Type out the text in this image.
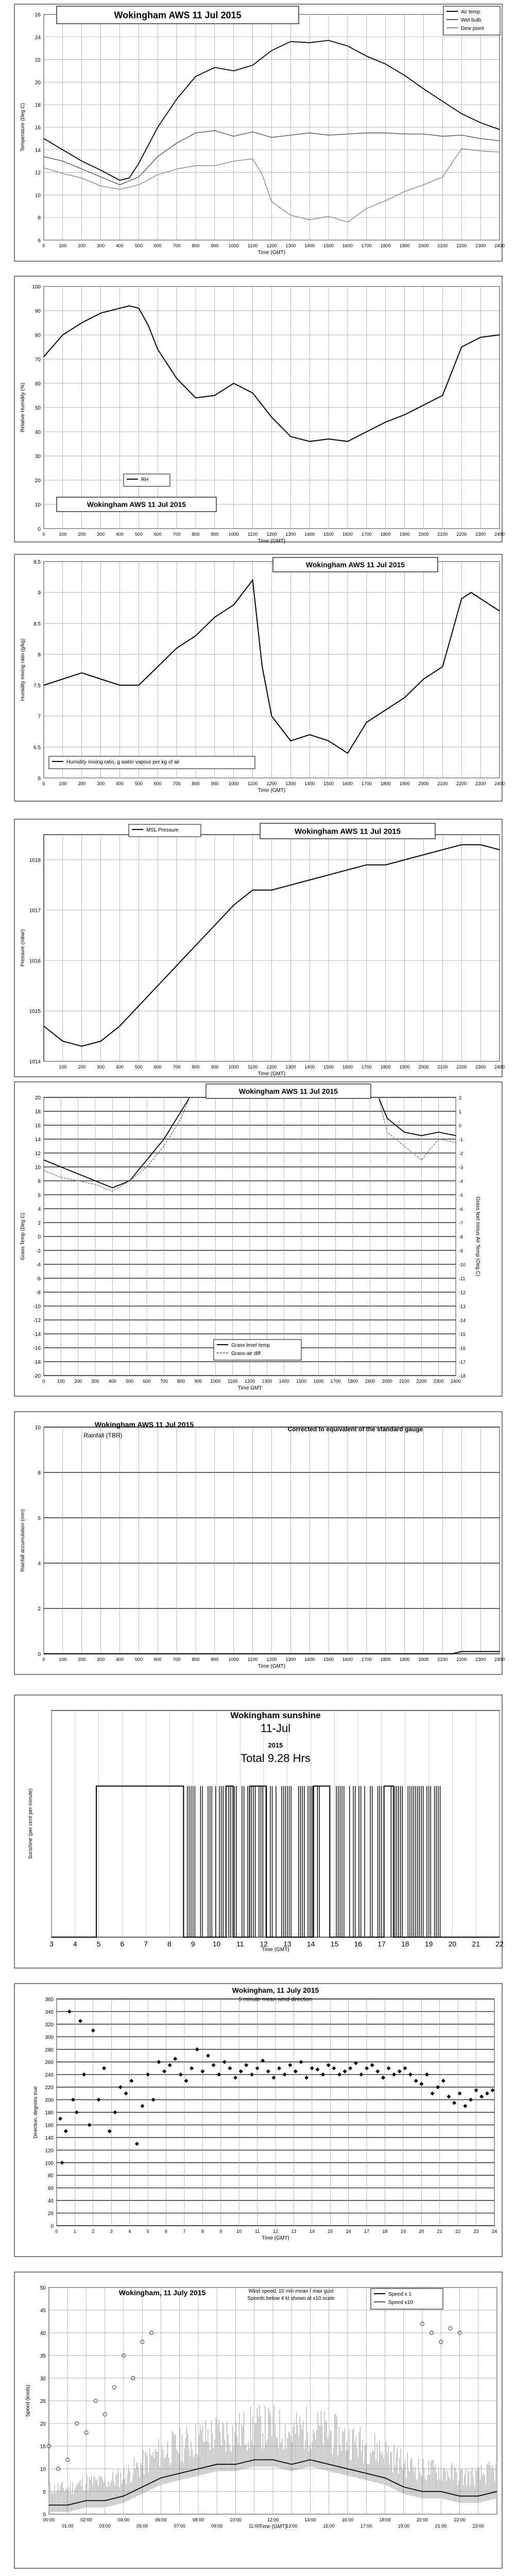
6
8
10
12
14
16
18
20
22
24
26
0	100 200 300 400 500 600 700 800 900 1000 1100 1200 1300 1400 1500 1600 1700 1800 1900 2000 2100 2200 2300 2400
Time (GMT)
Temperature (Deg C)
Wokingham AWS 11 Jul 2015	Air temp
Wet bulb
Dew point
0
10
20
30
40
50
60
70
80
90
100
0	100 200 300 400 500 600 700 800 900 1000 1100 1200 1300 1400 1500 1600 1700 1800 1900 2000 2100 2200 2300 2400
Time (GMT)
Relative Humidity (%)
RH
Wokingham AWS 11 Jul 2015
6
6.5
7
7.5
8
8.5
9
9.5
0	100 200 300 400 500 600 700 800 900 1000 1100 1200 1300 1400 1500 1600 1700 1800 1900 2000 2100 2200 2300 2400
Time (GMT)
Humidity mixing ratio (g/kg)
Wokingham AWS 11 Jul 2015
Humidity mixing ratio, g water vapour per kg of air
1014
1015
1016
1017
1018
100 200 300 400 500 600 700 800 900 1000 1100 1200 1300 1400 1500 1600 1700 1800 1900 2000 2100 2200 2300 2400
Time (GMT)
Pressure (mbar)
MSL Pressure	Wokingham AWS 11 Jul 2015
-20
-18
-16
-14
-12
-10
-8
-6
-4
-2
0
2
4
6
8
10
12
14
16
18
20
0	100 200 300 400 500 600 700 800 900 1000 1100 1200 1300 1400 1500 1600 1700 1800 1900 2000 2100 2200 2300 2400
Time GMT
Grass Temp (Deg C)
-18
-17
-16
-15
-14
-13
-12
-11
-10
-9
-8
-7
-6
-5
-4
-3
-2
-1
0
1
2
Grass feet minus Air Temp (Deg C)
Wokingham AWS 11 Jul 2015
Grass level temp
Grass-air diff
0
2
4
6
8
10
0	100 200 300 400 500 600 700 800 900 1000 1100 1200 1300 1400 1500 1600 1700 1800 1900 2000 2100 2200 2300 2400
Time (GMT)
Rainfall accumulation (mm)
Wokingham AWS 11 Jul 2015
Rainfall (TBR)
Corrected to equivalent of the standard gauge
3	4	5	6	7	8	9 10 11 12 13 14 15 16 17 18 19 20 21 22
Time (GMT)
Sunshine (per cent per minute)
Wokingham sunshine
11-Jul
2015
Total 9.28 Hrs
0
20
40
60
80
100
120
140
160
180
200
220
240
260
280
300
320
340
360
0	1	2	3	4	5	6	7	8	9	10	11	12	13	14	15	16	17	18	19	20	21	22	23	24
Time (GMT)
Direction, degrees true
Wokingham, 11 July 2015
5 minute mean wind direction
0
5
10
15
20
25
30
35
40
45
50
Time (GMT)
Speed (knots)
00:00	02:00	04:00	06:00	08:00	10:00	12:00	14:00	16:00	18:00	20:00	22:00
01:00	03:00	05:00	07:00	09:00	11:00	13:00	15:00	17:00	19:00	21:00	23:00
Wokingham, 11 July 2015	Wind speed, 10 min mean / max gust
Speeds below 4 kt shown at x10 scale
Speed x 1
Speed x10
